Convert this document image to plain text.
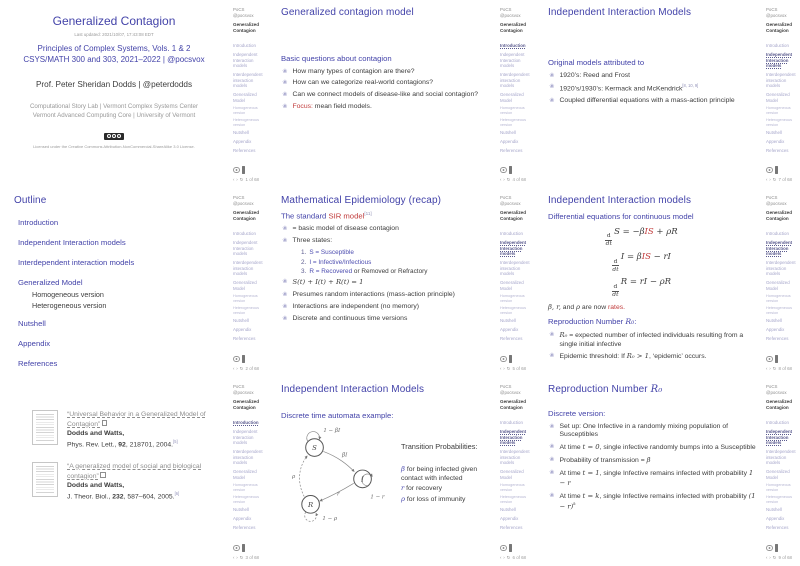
Generalized Contagion
Last updated: 2021/10/07, 17:43:08 EDT
Principles of Complex Systems, Vols. 1 & 2
CSYS/MATH 300 and 303, 2021–2022 | @pocsvox
Prof. Peter Sheridan Dodds | @peterdodds
Computational Story Lab | Vermont Complex Systems Center
Vermont Advanced Computing Core | University of Vermont
Licensed under the Creative Commons Attribution-NonCommercial-ShareAlike 3.0 License.
PoCS
@pocsvox
Generalized
Contagion
Introduction
Independent Interaction models
Interdependent interaction models
Generalized Model
Homogeneous version
Heterogeneous version
Nutshell
Appendix
References
‹ › ↻ 1 of 68
Generalized contagion model
Basic questions about contagion
❀ How many types of contagion are there?
❀ How can we categorize real-world contagions?
❀ Can we connect models of disease-like and social contagion?
❀ Focus: mean field models.
PoCS
@pocsvox
Generalized
Contagion
Introduction
Independent Interaction models
Interdependent interaction models
Generalized Model
Homogeneous version
Heterogeneous version
Nutshell
Appendix
References
‹ › ↻ 4 of 68
Independent Interaction Models
Original models attributed to
❀ 1920’s: Reed and Frost
❀ 1920’s/1930’s: Kermack and McKendrick[8, 10, 9]
❀ Coupled differential equations with a mass-action principle
PoCS
@pocsvox
Generalized
Contagion
Introduction
Independent Interaction models
Interdependent interaction models
Generalized Model
Homogeneous version
Heterogeneous version
Nutshell
Appendix
References
‹ › ↻ 7 of 68
Outline
Introduction
Independent Interaction models
Interdependent interaction models
Generalized Model
Homogeneous version
Heterogeneous version
Nutshell
Appendix
References
PoCS
@pocsvox
Generalized
Contagion
Introduction
Independent Interaction models
Interdependent interaction models
Generalized Model
Homogeneous version
Heterogeneous version
Nutshell
Appendix
References
‹ › ↻ 2 of 68
Mathematical Epidemiology (recap)
The standard SIR model[11]
❀ = basic model of disease contagion
❀ Three states:
1. S = Susceptible
2. I = Infective/Infectious
3. R = Recovered or Removed or Refractory
❀ S(t) + I(t) + R(t) = 1
❀ Presumes random interactions (mass-action principle)
❀ Interactions are independent (no memory)
❀ Discrete and continuous time versions
PoCS
@pocsvox
Generalized
Contagion
Introduction
Independent Interaction models
Interdependent interaction models
Generalized Model
Homogeneous version
Heterogeneous version
Nutshell
Appendix
References
‹ › ↻ 5 of 68
Independent Interaction models
Differential equations for continuous model
$\frac{d}{dt}$
S = −βIS + ρR
$\frac{d}{dt}$
I = βIS − rI
$\frac{d}{dt}$
R = rI − ρR
β, r, and ρ are now rates.
Reproduction Number R₀:
❀ R₀ = expected number of infected individuals resulting from a single initial infective
❀ Epidemic threshold: If R₀ > 1, ‘epidemic’ occurs.
PoCS
@pocsvox
Generalized
Contagion
Introduction
Independent Interaction models
Interdependent interaction models
Generalized Model
Homogeneous version
Heterogeneous version
Nutshell
Appendix
References
‹ › ↻ 8 of 68
“Universal Behavior in a Generalized Model of Contagion”
Dodds and Watts,
Phys. Rev. Lett., 92, 218701, 2004.[5]
“A generalized model of social and biological contagion”
Dodds and Watts,
J. Theor. Biol., 232, 587–604, 2005.[6]
PoCS
@pocsvox
Generalized
Contagion
Introduction
Independent Interaction models
Interdependent interaction models
Generalized Model
Homogeneous version
Heterogeneous version
Nutshell
Appendix
References
‹ › ↻ 3 of 68
Independent Interaction Models
Discrete time automata example:
S
I
R
1 − βI
βI
1 − r
r
1 − ρ
ρ
Transition Probabilities:
β for being infected given contact with infected
r for recovery
ρ for loss of immunity
PoCS
@pocsvox
Generalized
Contagion
Introduction
Independent Interaction models
Interdependent interaction models
Generalized Model
Homogeneous version
Heterogeneous version
Nutshell
Appendix
References
‹ › ↻ 6 of 68
Reproduction Number R₀
Discrete version:
❀ Set up: One Infective in a randomly mixing population of Susceptibles
❀ At time t = 0, single infective randomly bumps into a Susceptible
❀ Probability of transmission = β
❀ At time t = 1, single Infective remains infected with probability 1 − r
❀ At time t = k, single Infective remains infected with probability $(1 - r)^k$
PoCS
@pocsvox
Generalized
Contagion
Introduction
Independent Interaction models
Interdependent interaction models
Generalized Model
Homogeneous version
Heterogeneous version
Nutshell
Appendix
References
‹ › ↻ 9 of 68
